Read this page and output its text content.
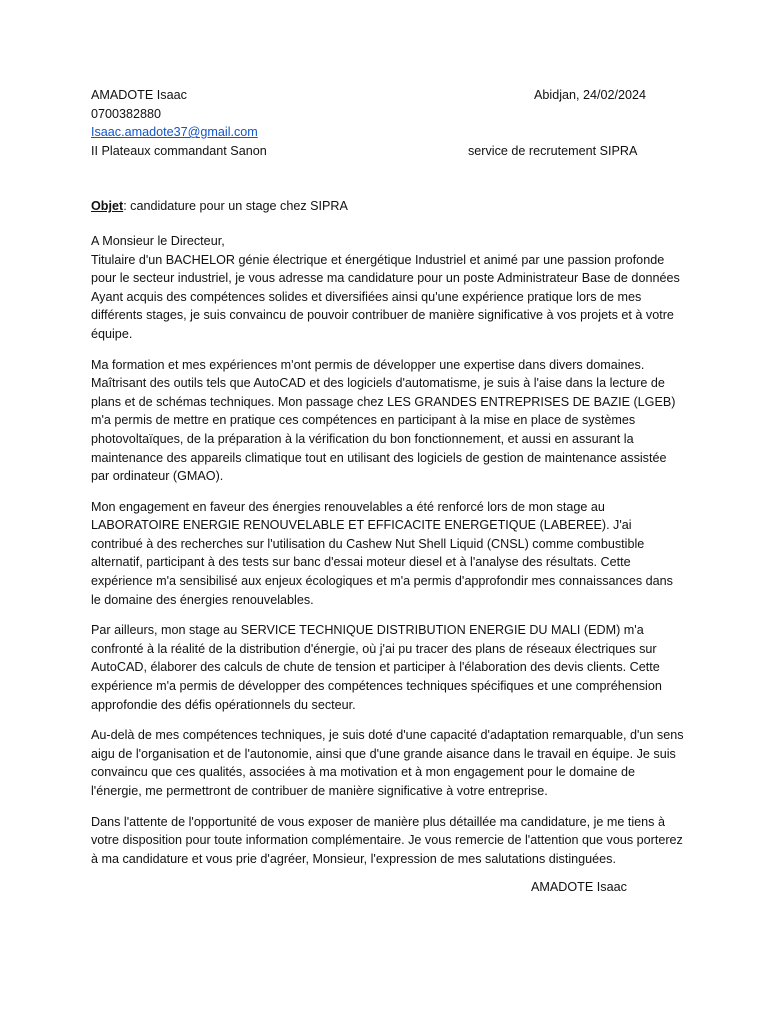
AMADOTE Isaac	Abidjan, 24/02/2024
0700382880
Isaac.amadote37@gmail.com
II Plateaux commandant Sanon	service de recrutement SIPRA
Objet: candidature pour un stage chez SIPRA
A Monsieur le Directeur,

Titulaire d'un BACHELOR génie électrique et énergétique Industriel et animé par une passion profonde pour le secteur industriel, je vous adresse ma candidature pour un poste Administrateur Base de données Ayant acquis des compétences solides et diversifiées ainsi qu'une expérience pratique lors de mes différents stages, je suis convaincu de pouvoir contribuer de manière significative à vos projets et à votre équipe.

Ma formation et mes expériences m'ont permis de développer une expertise dans divers domaines. Maîtrisant des outils tels que AutoCAD et des logiciels d'automatisme, je suis à l'aise dans la lecture de plans et de schémas techniques. Mon passage chez LES GRANDES ENTREPRISES DE BAZIE (LGEB) m'a permis de mettre en pratique ces compétences en participant à la mise en place de systèmes photovoltaïques, de la préparation à la vérification du bon fonctionnement, et aussi en assurant la maintenance des appareils climatique tout en utilisant des logiciels de gestion de maintenance assistée par ordinateur (GMAO).

Mon engagement en faveur des énergies renouvelables a été renforcé lors de mon stage au LABORATOIRE ENERGIE RENOUVELABLE ET EFFICACITE ENERGETIQUE (LABEREE). J'ai contribué à des recherches sur l'utilisation du Cashew Nut Shell Liquid (CNSL) comme combustible alternatif, participant à des tests sur banc d'essai moteur diesel et à l'analyse des résultats. Cette expérience m'a sensibilisé aux enjeux écologiques et m'a permis d'approfondir mes connaissances dans le domaine des énergies renouvelables.

Par ailleurs, mon stage au SERVICE TECHNIQUE DISTRIBUTION ENERGIE DU MALI (EDM) m'a confronté à la réalité de la distribution d'énergie, où j'ai pu tracer des plans de réseaux électriques sur AutoCAD, élaborer des calculs de chute de tension et participer à l'élaboration des devis clients. Cette expérience m'a permis de développer des compétences techniques spécifiques et une compréhension approfondie des défis opérationnels du secteur.

Au-delà de mes compétences techniques, je suis doté d'une capacité d'adaptation remarquable, d'un sens aigu de l'organisation et de l'autonomie, ainsi que d'une grande aisance dans le travail en équipe. Je suis convaincu que ces qualités, associées à ma motivation et à mon engagement pour le domaine de l'énergie, me permettront de contribuer de manière significative à votre entreprise.

Dans l'attente de l'opportunité de vous exposer de manière plus détaillée ma candidature, je me tiens à votre disposition pour toute information complémentaire. Je vous remercie de l'attention que vous porterez à ma candidature et vous prie d'agréer, Monsieur, l'expression de mes salutations distinguées.

AMADOTE Isaac
